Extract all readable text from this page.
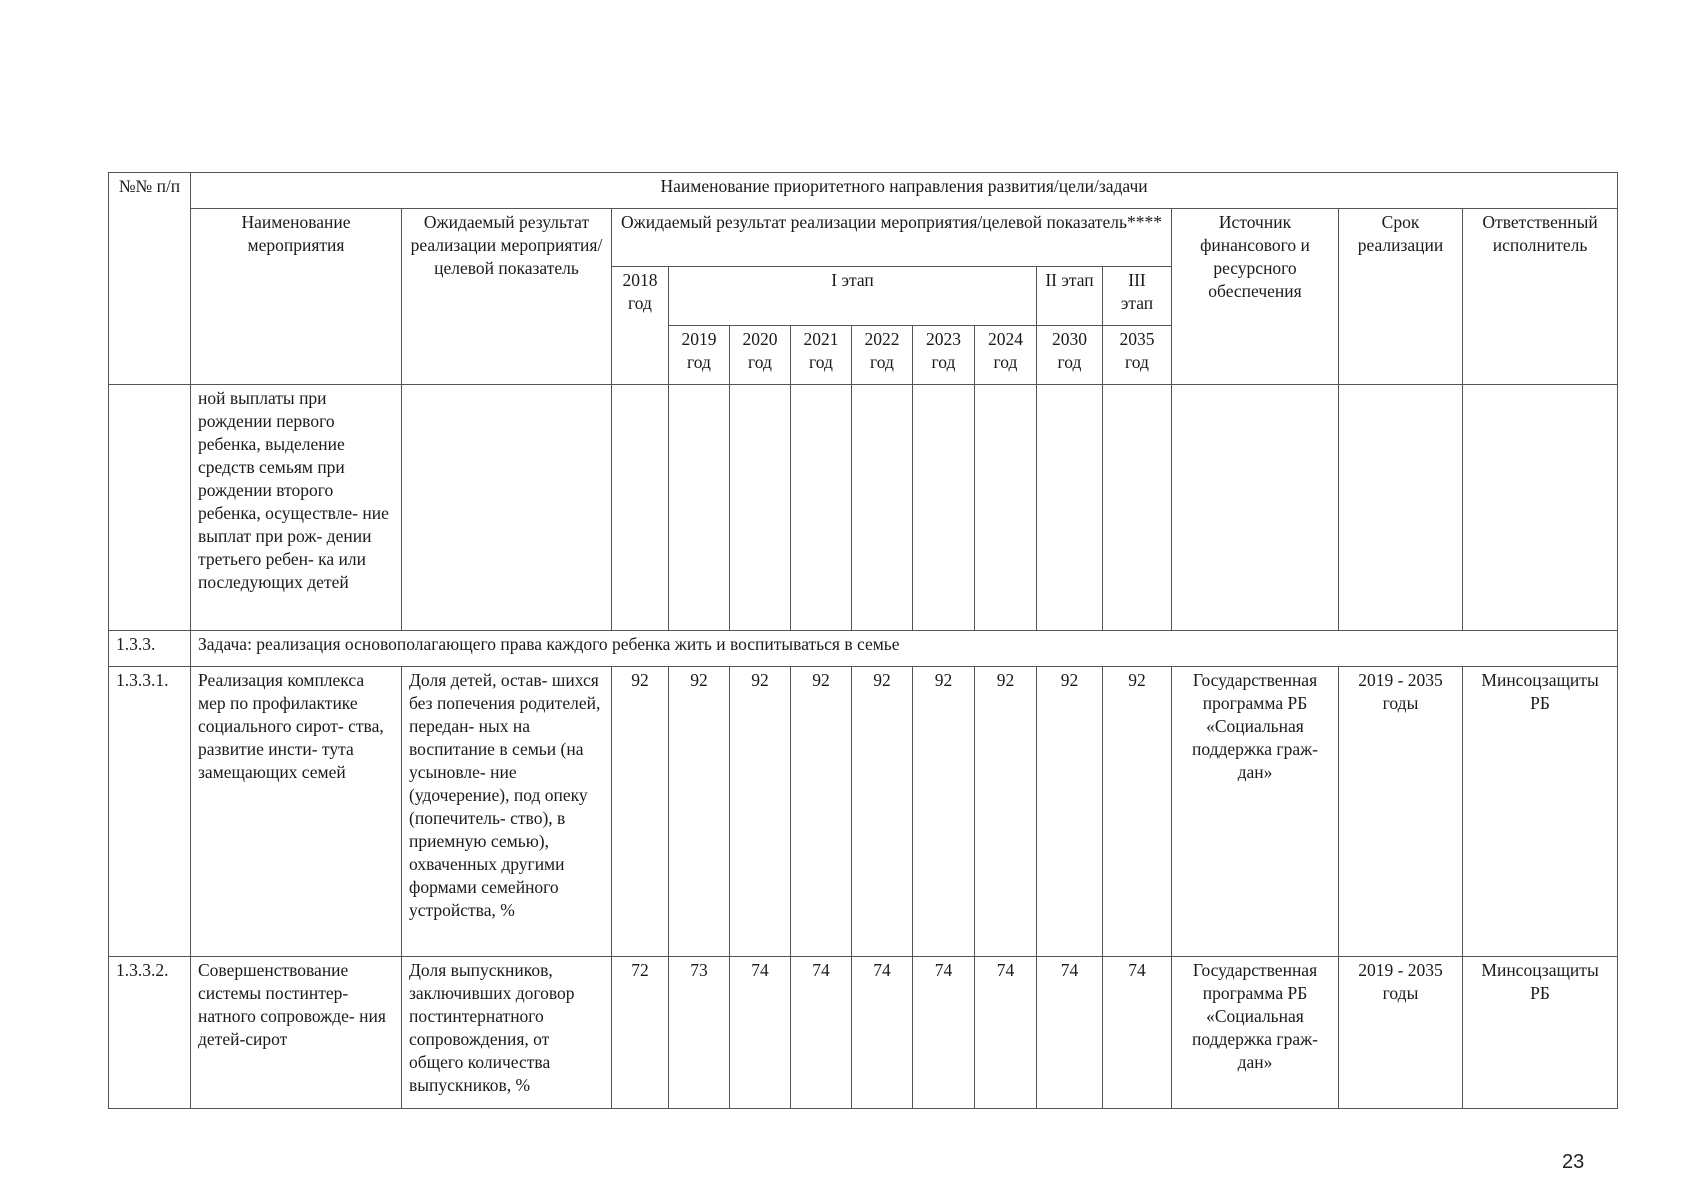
№№ п/п	Наименование приоритетного направления развития/цели/задачи													
	Наименование мероприятия	Ожидаемый результат реализации мероприятия/целевой показатель	Ожидаемый результат реализации мероприятия/целевой показатель****									Источник финансового и ресурсного обеспечения	Срок реализации	Ответственный исполнитель
			2018 год	I этап						II этап	III этап			
				2019 год	2020 год	2021 год	2022 год	2023 год	2024 год	2030 год	2035 год			
	ной выплаты при рождении первого ребенка, выделение средств семьям при рождении второго ребенка, осуществле- ние выплат при рож- дении третьего ребен- ка или последующих детей													
1.3.3.	Задача: реализация основополагающего права каждого ребенка жить и воспитываться в семье													
1.3.3.1.	Реализация комплекса мер по профилактике социального сирот- ства, развитие инсти- тута замещающих семей	Доля детей, остав- шихся без попечения родителей, передан- ных на воспитание в семьи (на усыновле- ние (удочерение), под опеку (попечитель- ство), в приемную семью), охваченных другими формами семейного устройства, %	92	92	92	92	92	92	92	92	92	Государственная программа РБ «Социальная поддержка граж- дан»	2019 - 2035 годы	Минсоцзащиты РБ
1.3.3.2.	Совершенствование системы постинтер- натного сопровожде- ния детей-сирот	Доля выпускников, заключивших договор постинтернатного сопровождения, от общего количества выпускников, %	72	73	74	74	74	74	74	74	74	Государственная программа РБ «Социальная поддержка граж- дан»	2019 - 2035 годы	Минсоцзащиты РБ
23
